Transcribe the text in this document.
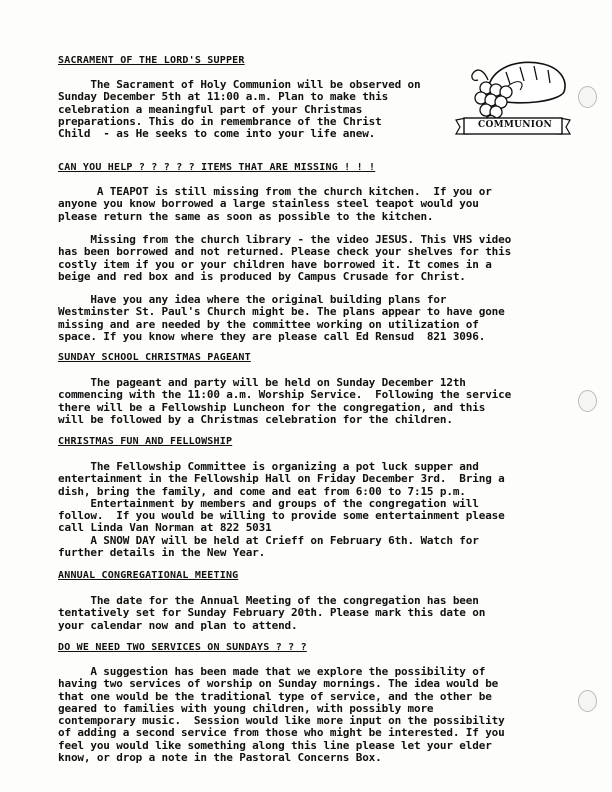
COMMUNION
SACRAMENT OF THE LORD'S SUPPER

The Sacrament of Holy Communion will be observed on
Sunday December 5th at 11:00 a.m. Plan to make this
celebration a meaningful part of your Christmas
preparations. This do in remembrance of the Christ
Child  - as He seeks to come into your life anew.

CAN YOU HELP ? ? ? ? ? ITEMS THAT ARE MISSING ! ! !

A TEAPOT is still missing from the church kitchen.  If you or
anyone you know borrowed a large stainless steel teapot would you
please return the same as soon as possible to the kitchen.

Missing from the church library - the video JESUS. This VHS video
has been borrowed and not returned. Please check your shelves for this
costly item if you or your children have borrowed it. It comes in a
beige and red box and is produced by Campus Crusade for Christ.

Have you any idea where the original building plans for
Westminster St. Paul's Church might be. The plans appear to have gone
missing and are needed by the committee working on utilization of
space. If you know where they are please call Ed Rensud  821 3096.

SUNDAY SCHOOL CHRISTMAS PAGEANT

The pageant and party will be held on Sunday December 12th
commencing with the 11:00 a.m. Worship Service.  Following the service
there will be a Fellowship Luncheon for the congregation, and this
will be followed by a Christmas celebration for the children.

CHRISTMAS FUN AND FELLOWSHIP

The Fellowship Committee is organizing a pot luck supper and
entertainment in the Fellowship Hall on Friday December 3rd.  Bring a
dish, bring the family, and come and eat from 6:00 to 7:15 p.m.
Entertainment by members and groups of the congregation will
follow.  If you would be willing to provide some entertainment please
call Linda Van Norman at 822 5031
A SNOW DAY will be held at Crieff on February 6th. Watch for
further details in the New Year.

ANNUAL CONGREGATIONAL MEETING

The date for the Annual Meeting of the congregation has been
tentatively set for Sunday February 20th. Please mark this date on
your calendar now and plan to attend.

DO WE NEED TWO SERVICES ON SUNDAYS ? ? ?

A suggestion has been made that we explore the possibility of
having two services of worship on Sunday mornings. The idea would be
that one would be the traditional type of service, and the other be
geared to families with young children, with possibly more
contemporary music.  Session would like more input on the possibility
of adding a second service from those who might be interested. If you
feel you would like something along this line please let your elder
know, or drop a note in the Pastoral Concerns Box.
